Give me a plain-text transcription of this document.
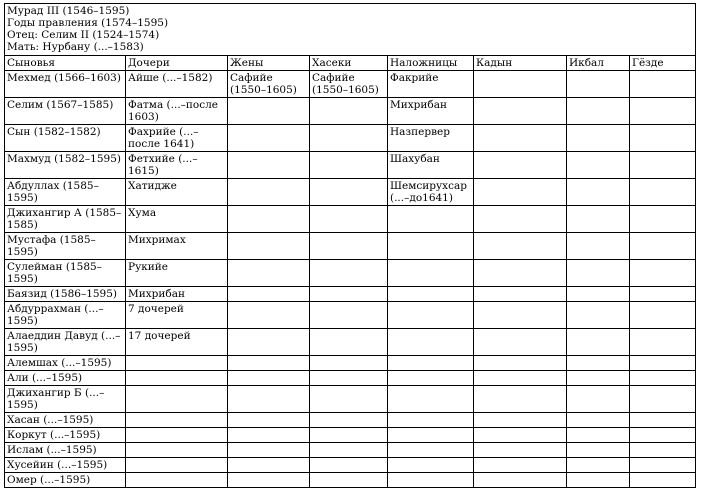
Мурад III (1546–1595)
Годы правления (1574–1595)
Отец: Селим II (1524–1574)
Мать: Нурбану (...–1583)							

Сыновья	Дочери	Жены	Хасеки	Наложницы	Кадын	Икбал	Гёзде
Мехмед (1566–1603)	Айше (...–1582)	Сафийе (1550–1605)	Сафийе (1550–1605)	Факрийе			
Селим (1567–1585)	Фатма (...–после 1603)			Михрибан			
Сын (1582–1582)	Фахрийе (...–после 1641)			Назпервер			
Махмуд (1582–1595)	Фетхийе (...–1615)			Шахубан			
Абдуллах (1585–1595)	Хатидже			Шемсирухсар (...–до1641)			
Джихангир А (1585–1585)	Хума						
Мустафа (1585–1595)	Михримах						
Сулейман (1585–1595)	Рукийе						
Баязид (1586–1595)	Михрибан						
Абдуррахман (...–1595)	7 дочерей						
Алаеддин Давуд (...–1595)	17 дочерей						
Алемшах (...–1595)							
Али (...–1595)							
Джихангир Б (...–1595)							
Хасан (...–1595)							
Коркут (...–1595)							
Ислам (...–1595)							
Хусейин (...–1595)							
Омер (...–1595)							
